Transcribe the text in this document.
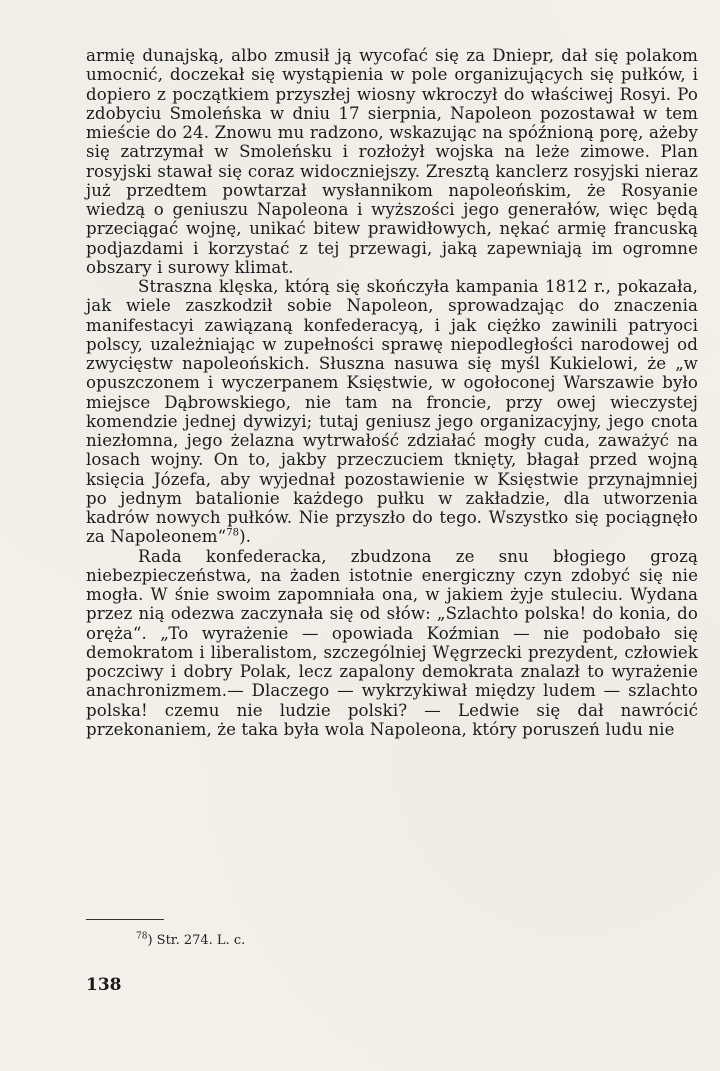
armię dunajską, albo zmusił ją wycofać się za Dniepr, dał się polakom umocnić, doczekał się wystąpienia w pole organizujących się pułków, i dopiero z początkiem przyszłej wiosny wkroczył do właściwej Rosyi. Po zdobyciu Smoleńska w dniu 17 sierpnia, Napoleon pozostawał w tem mieście do 24. Znowu mu radzono, wskazując na spóźnioną porę, ażeby się zatrzymał w Smoleńsku i rozłożył wojska na leże zimowe. Plan rosyjski stawał się coraz widoczniejszy. Zresztą kanclerz rosyjski nieraz już przedtem powtarzał wysłannikom napoleońskim, że Rosyanie wiedzą o geniuszu Napoleona i wyższości jego generałów, więc będą przeciągać wojnę, unikać bitew prawidłowych, nękać armię francuską podjazdami i korzystać z tej przewagi, jaką zapewniają im ogromne obszary i surowy klimat.

Straszna klęska, którą się skończyła kampania 1812 r., pokazała, jak wiele zaszkodził sobie Napoleon, sprowadzając do znaczenia manifestacyi zawiązaną konfederacyą, i jak ciężko zawinili patryoci polscy, uzależniając w zupełności sprawę niepodległości narodowej od zwycięstw napoleońskich. Słuszna nasuwa się myśl Kukielowi, że „w opuszczonem i wyczerpanem Księstwie, w ogołoconej Warszawie było miejsce Dąbrowskiego, nie tam na froncie, przy owej wieczystej komendzie jednej dywizyi; tutaj geniusz jego organizacyjny, jego cnota niezłomna, jego żelazna wytrwałość zdziałać mogły cuda, zaważyć na losach wojny. On to, jakby przeczuciem tknięty, błagał przed wojną księcia Józefa, aby wyjednał pozostawienie w Księstwie przynajmniej po jednym batalionie każdego pułku w zakładzie, dla utworzenia kadrów nowych pułków. Nie przyszło do tego. Wszystko się pociągnęło za Napoleonem“$^{78}$).

Rada konfederacka, zbudzona ze snu błogiego grozą niebezpieczeństwa, na żaden istotnie energiczny czyn zdobyć się nie mogła. W śnie swoim zapomniała ona, w jakiem żyje stuleciu. Wydana przez nią odezwa zaczynała się od słów: „Szlachto polska! do konia, do oręża“. „To wyrażenie — opowiada Koźmian — nie podobało się demokratom i liberalistom, szczególniej Węgrzecki prezydent, człowiek poczciwy i dobry Polak, lecz zapalony demokrata znalazł to wyrażenie anachronizmem.— Dlaczego — wykrzykiwał między ludem — szlachto polska! czemu nie ludzie polski? — Ledwie się dał nawrócić przekonaniem, że taka była wola Napoleona, który poruszeń ludu nie

$^{78}$) Str. 274. L. c.
138
